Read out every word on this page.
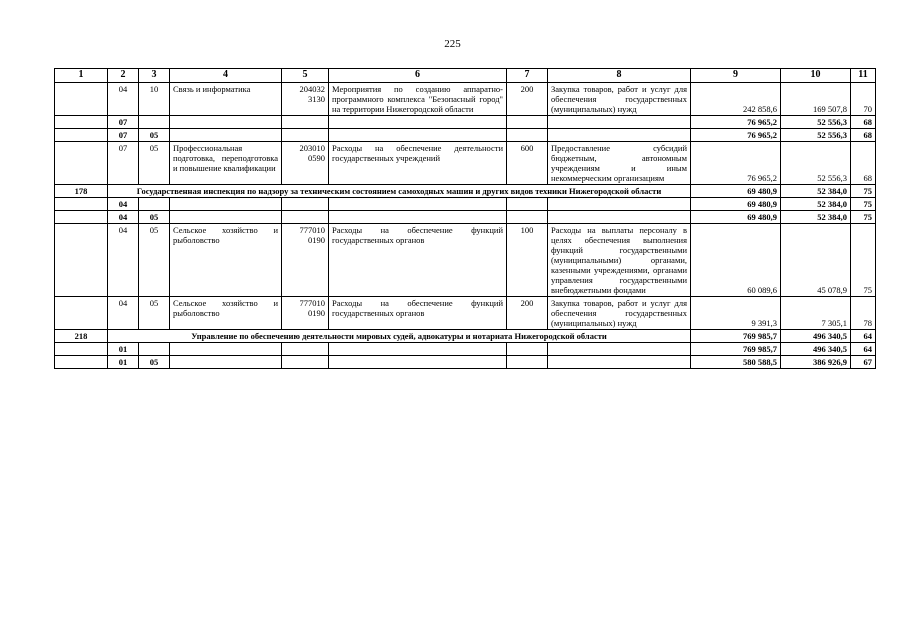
225
1	2	3	4	5	6	7	8	9	10	11
	04	10	Связь и информатика	204032 3130	Мероприятия по созданию аппаратно-программного комплекса "Безопасный город" на территории Нижегородской области	200	Закупка товаров, работ и услуг для обеспечения государственных (муниципальных) нужд	242 858,6	169 507,8	70
	07							76 965,2	52 556,3	68
	07	05						76 965,2	52 556,3	68
	07	05	Профессиональная подготовка, переподготовка и повышение квалификации	203010 0590	Расходы на обеспечение деятельности государственных учреждений	600	Предоставление субсидий бюджетным, автономным учреждениям и иным некоммерческим организациям	76 965,2	52 556,3	68
178	Государственная инспекция по надзору за техническим состоянием самоходных машин и других видов техники Нижегородской области							69 480,9	52 384,0	75
	04							69 480,9	52 384,0	75
	04	05						69 480,9	52 384,0	75
	04	05	Сельское хозяйство и рыболовство	777010 0190	Расходы на обеспечение функций государственных органов	100	Расходы на выплаты персоналу в целях обеспечения выполнения функций государственными (муниципальными) органами, казенными учреждениями, органами управления государственными внебюджетными фондами	60 089,6	45 078,9	75
	04	05	Сельское хозяйство и рыболовство	777010 0190	Расходы на обеспечение функций государственных органов	200	Закупка товаров, работ и услуг для обеспечения государственных (муниципальных) нужд	9 391,3	7 305,1	78
218	Управление по обеспечению деятельности мировых судей, адвокатуры и нотариата Нижегородской области							769 985,7	496 340,5	64
	01							769 985,7	496 340,5	64
	01	05						580 588,5	386 926,9	67
